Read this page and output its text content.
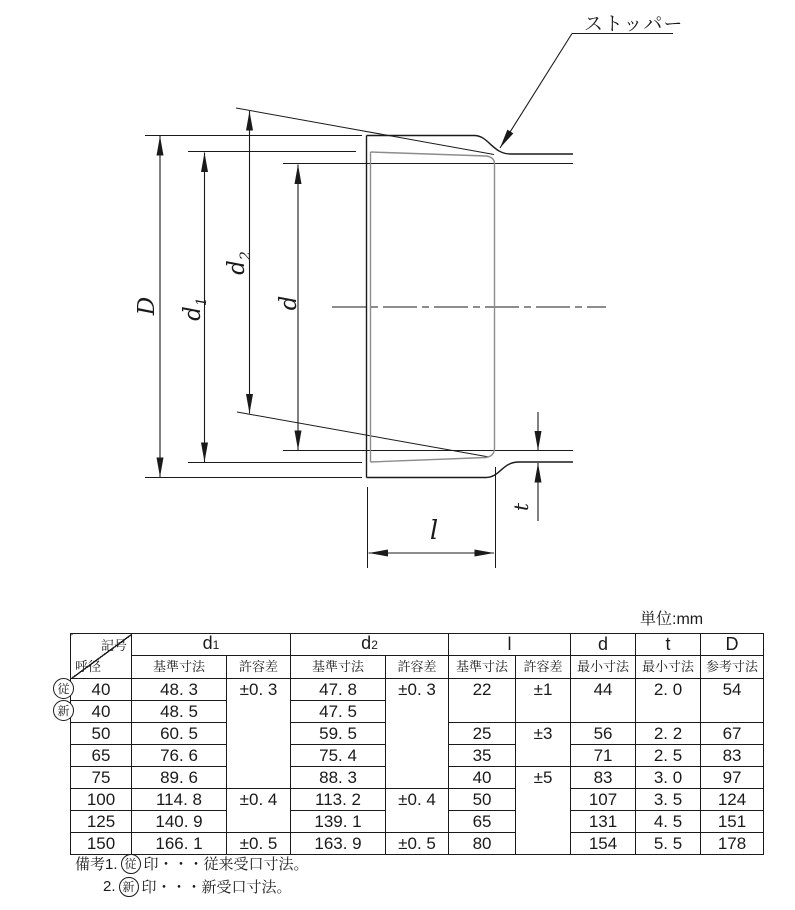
ストッパー
D $d_1$
$d_2$
d
l
t
単位:mm
記号
呼径	d1		d2		l		d	t	D
	基準寸法	許容差	基準寸法	許容差	基準寸法	許容差	最小寸法	最小寸法	参考寸法
40	48. 3	±0. 3	47. 8	±0. 3	22	±1	44	2. 0	54
40	48. 5		47. 5						
50	60. 5		59. 5		25	±3	56	2. 2	67
65	76. 6		75. 4		35		71	2. 5	83
75	89. 6		88. 3		40	±5	83	3. 0	97
100	114. 8	±0. 4	113. 2	±0. 4	50		107	3. 5	124
125	140. 9		139. 1		65		131	4. 5	151
150	166. 1	±0. 5	163. 9	±0. 5	80		154	5. 5	178
従
新
備考1. 従 印・・・従来受口寸法。
2. 新 印・・・新受口寸法。
